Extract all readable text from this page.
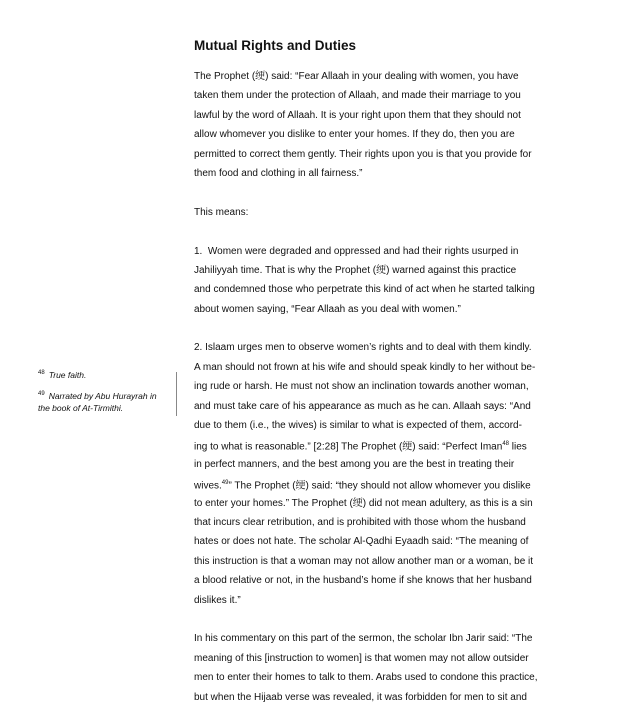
Mutual Rights and Duties
The Prophet (绠) said: “Fear Allaah in your dealing with women, you have
taken them under the protection of Allaah, and made their marriage to you
lawful by the word of Allaah. It is your right upon them that they should not
allow whomever you dislike to enter your homes. If they do, then you are
permitted to correct them gently. Their rights upon you is that you provide for
them food and clothing in all fairness.”
This means:
1.  Women were degraded and oppressed and had their rights usurped in
Jahiliyyah time. That is why the Prophet (绠) warned against this practice
and condemned those who perpetrate this kind of act when he started talking
about women saying, “Fear Allaah as you deal with women.”
2. Islaam urges men to observe women’s rights and to deal with them kindly.
A man should not frown at his wife and should speak kindly to her without be-
ing rude or harsh. He must not show an inclination towards another woman,
and must take care of his appearance as much as he can. Allaah says: “And
due to them (i.e., the wives) is similar to what is expected of them, accord-
ing to what is reasonable.” [2:28] The Prophet (绠) said: “Perfect Iman$^{48}$ lies
in perfect manners, and the best among you are the best in treating their
wives.$^{49}$” The Prophet (绠) said: “they should not allow whomever you dislike
to enter your homes.” The Prophet (绠) did not mean adultery, as this is a sin
that incurs clear retribution, and is prohibited with those whom the husband
hates or does not hate. The scholar Al-Qadhi Eyaadh said: “The meaning of
this instruction is that a woman may not allow another man or a woman, be it
a blood relative or not, in the husband’s home if she knows that her husband
dislikes it.”
In his commentary on this part of the sermon, the scholar Ibn Jarir said: “The
meaning of this [instruction to women] is that women may not allow outsider
men to enter their homes to talk to them. Arabs used to condone this practice,
but when the Hijaab verse was revealed, it was forbidden for men to sit and

$^{48}$ True faith.

$^{49}$ Narrated by Abu Hurayrah in the book of At-Tirmithi.
